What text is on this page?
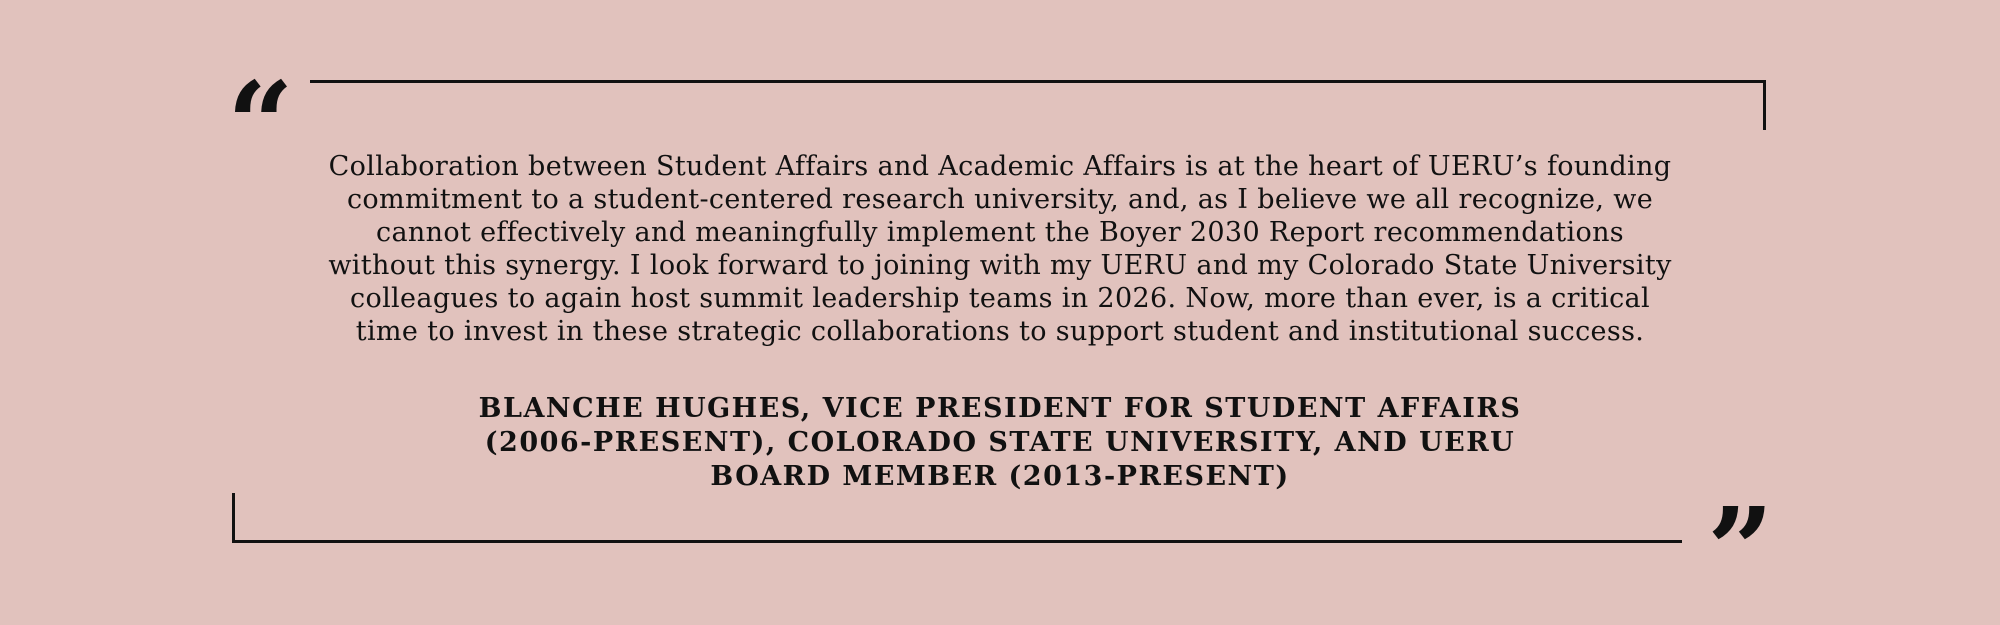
“	Collaboration between Student Affairs and Academic Affairs is at the heart of UERU’s founding
commitment to a student-centered research university, and, as I believe we all recognize, we
cannot effectively and meaningfully implement the Boyer 2030 Report recommendations
without this synergy. I look forward to joining with my UERU and my Colorado State University
colleagues to again host summit leadership teams in 2026. Now, more than ever, is a critical
time to invest in these strategic collaborations to support student and institutional success.

BLANCHE HUGHES, VICE PRESIDENT FOR STUDENT AFFAIRS
(2006-PRESENT), COLORADO STATE UNIVERSITY, AND UERU
BOARD MEMBER (2013-PRESENT)

”
